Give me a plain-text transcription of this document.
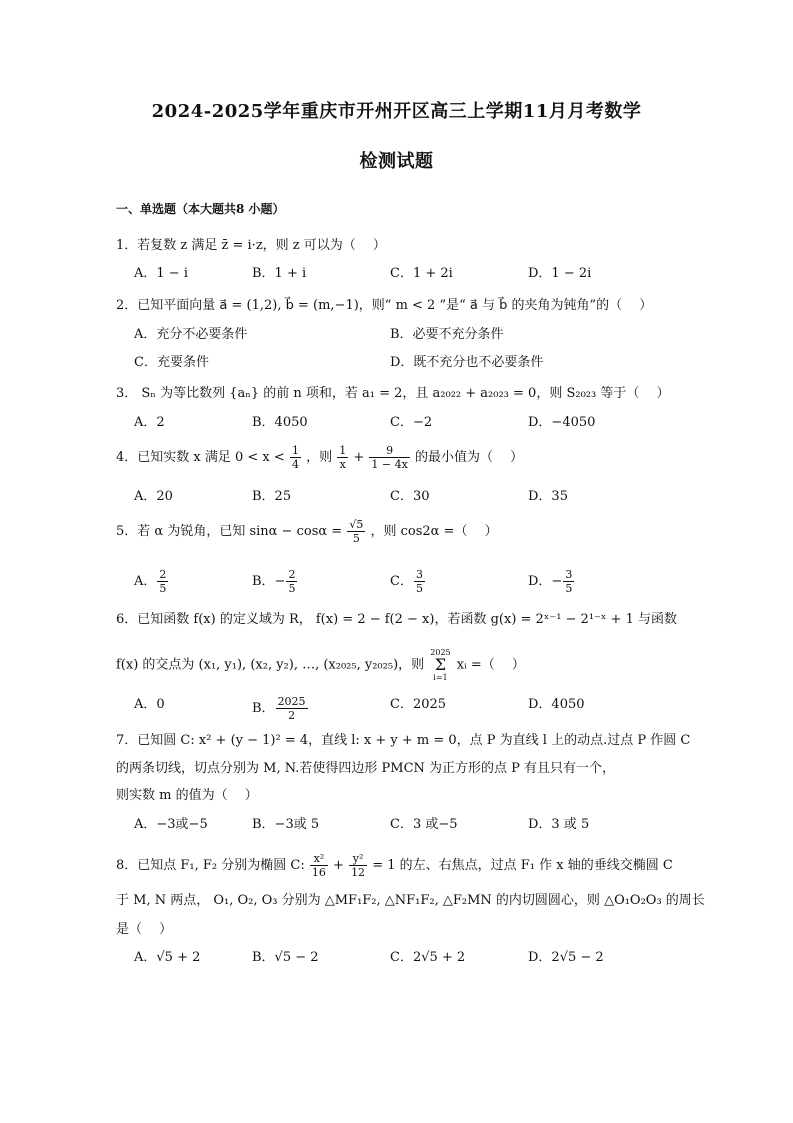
2024-2025学年重庆市开州开区高三上学期11月月考数学
检测试题
一、单选题（本大题共8 小题）
1．若复数 z 满足 z̄ = i·z，则 z 可以为（　 ）
A．1 − i	B．1 + i	C．1 + 2i	D．1 − 2i
2．已知平面向量 a⃗ = (1,2), b⃗ = (m,−1)，则“ m < 2 ”是“ a⃗ 与 b⃗ 的夹角为钝角”的（　 ）
A．充分不必要条件	B．必要不充分条件
C．充要条件	D．既不充分也不必要条件
3． Sₙ 为等比数列 {aₙ} 的前 n 项和，若 a₁ = 2，且 a₂₀₂₂ + a₂₀₂₃ = 0，则 S₂₀₂₃ 等于（　 ）
A．2	B．4050	C．−2	D．−4050
4．已知实数 x 满足 $0 < x < \frac{1}{4}$ ，则 $\frac{1}{x} + \frac{9}{1 - 4x}$ 的最小值为（　 ）
A．20	B．25	C．30	D．35
5．若 α 为锐角，已知 $\sin\alpha - \cos\alpha = \frac{√5}{5}$ ，则 cos2α =（　 ）
A． $\frac{2}{5}$	B．− $\frac{2}{5}$	C． $\frac{3}{5}$	D．− $\frac{3}{5}$
6．已知函数 f(x) 的定义域为 R， f(x) = 2 − f(2 − x)，若函数 g(x) = 2ˣ⁻¹ − 2¹⁻ˣ + 1 与函数
f(x) 的交点为 (x₁, y₁), (x₂, y₂), …, (x₂₀₂₅, y₂₀₂₅)，则 2025
Σ
i=1 xᵢ =（　 ）
A．0	B． $\frac{2025}{2}$	C．2025	D．4050
7．已知圆 C: x² + (y − 1)² = 4，直线 l: x + y + m = 0，点 P 为直线 l 上的动点.过点 P 作圆 C
的两条切线，切点分别为 M, N.若使得四边形 PMCN 为正方形的点 P 有且只有一个，
则实数 m 的值为（　 ）
A．−3或−5	B．−3或 5	C．3 或−5	D．3 或 5
8．已知点 F₁, F₂ 分别为椭圆 C: $\frac{\text{x²}}{16} + \frac{\text{y²}}{12} = 1$ 的左、右焦点，过点 F₁ 作 x 轴的垂线交椭圆 C
于 M, N 两点， O₁, O₂, O₃ 分别为 △MF₁F₂, △NF₁F₂, △F₂MN 的内切圆圆心，则 △O₁O₂O₃ 的周长
是（　 ）
A．√5 + 2	B．√5 − 2	C．2√5 + 2	D．2√5 − 2
